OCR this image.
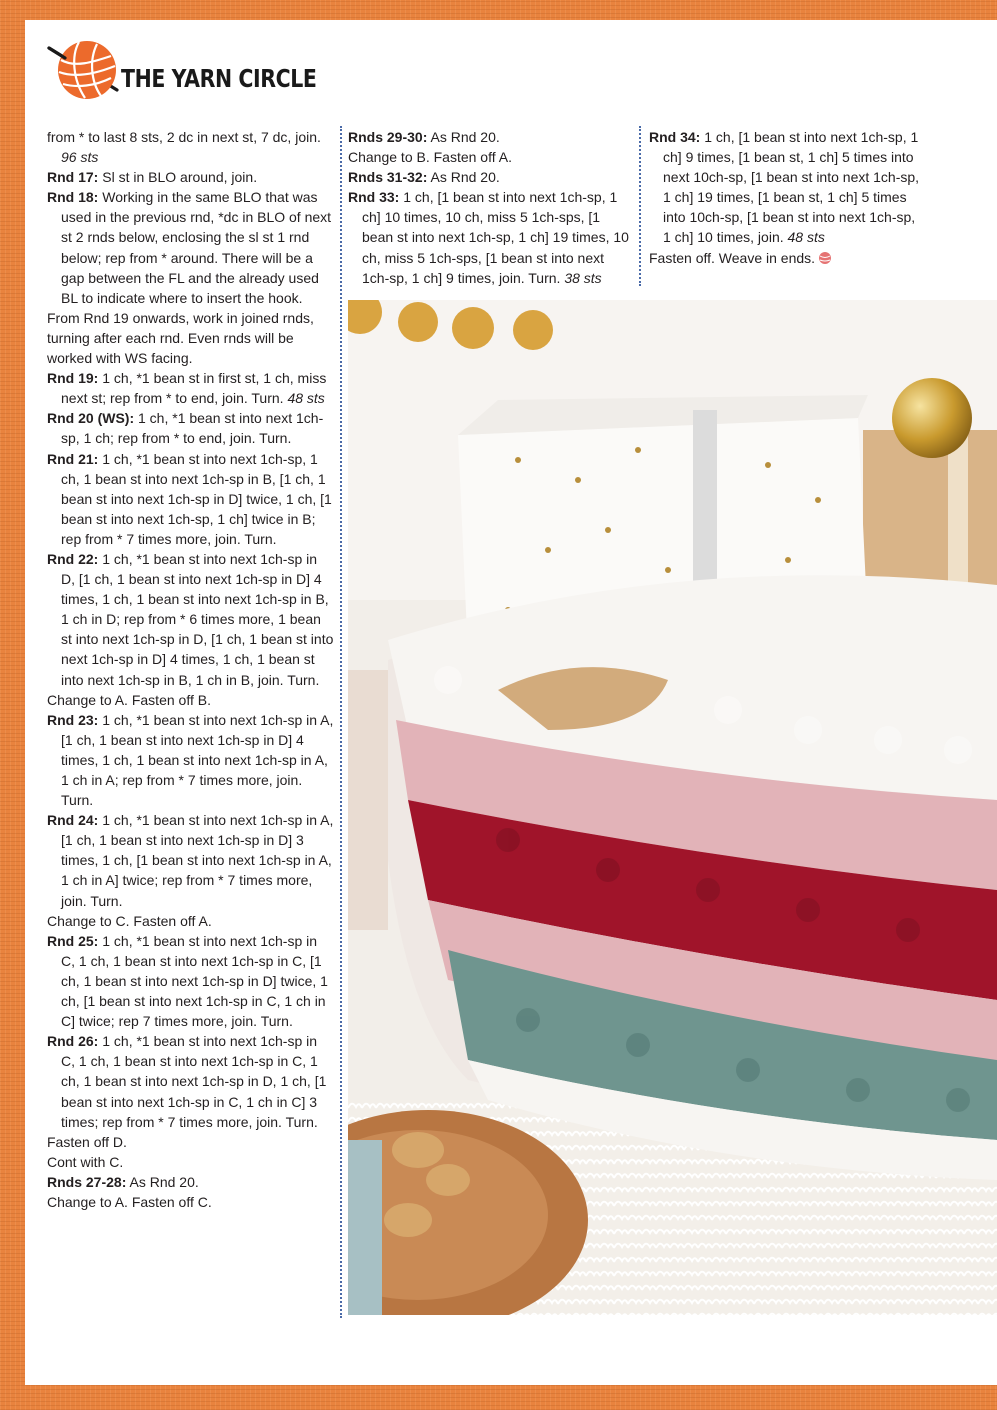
THE YARN CIRCLE

from * to last 8 sts, 2 dc in next st, 7 dc, join. 96 sts

Rnd 17: Sl st in BLO around, join.

Rnd 18: Working in the same BLO that was used in the previous rnd, *dc in BLO of next st 2 rnds below, enclosing the sl st 1 rnd below; rep from * around. There will be a gap between the FL and the already used BL to indicate where to insert the hook.

From Rnd 19 onwards, work in joined rnds, turning after each rnd. Even rnds will be worked with WS facing.

Rnd 19: 1 ch, *1 bean st in first st, 1 ch, miss next st; rep from * to end, join. Turn. 48 sts

Rnd 20 (WS): 1 ch, *1 bean st into next 1ch-sp, 1 ch; rep from * to end, join. Turn.

Rnd 21: 1 ch, *1 bean st into next 1ch-sp, 1 ch, 1 bean st into next 1ch-sp in B, [1 ch, 1 bean st into next 1ch-sp in D] twice, 1 ch, [1 bean st into next 1ch-sp, 1 ch] twice in B; rep from * 7 times more, join. Turn.

Rnd 22: 1 ch, *1 bean st into next 1ch-sp in D, [1 ch, 1 bean st into next 1ch-sp in D] 4 times, 1 ch, 1 bean st into next 1ch-sp in B, 1 ch in D; rep from * 6 times more, 1 bean st into next 1ch-sp in D, [1 ch, 1 bean st into next 1ch-sp in D] 4 times, 1 ch, 1 bean st into next 1ch-sp in B, 1 ch in B, join. Turn.

Change to A. Fasten off B.

Rnd 23: 1 ch, *1 bean st into next 1ch-sp in A, [1 ch, 1 bean st into next 1ch-sp in D] 4 times, 1 ch, 1 bean st into next 1ch-sp in A, 1 ch in A; rep from * 7 times more, join. Turn.

Rnd 24: 1 ch, *1 bean st into next 1ch-sp in A, [1 ch, 1 bean st into next 1ch-sp in D] 3 times, 1 ch, [1 bean st into next 1ch-sp in A, 1 ch in A] twice; rep from * 7 times more, join. Turn.

Change to C. Fasten off A.

Rnd 25: 1 ch, *1 bean st into next 1ch-sp in C, 1 ch, 1 bean st into next 1ch-sp in C, [1 ch, 1 bean st into next 1ch-sp in D] twice, 1 ch, [1 bean st into next 1ch-sp in C, 1 ch in C] twice; rep 7 times more, join. Turn.

Rnd 26: 1 ch, *1 bean st into next 1ch-sp in C, 1 ch, 1 bean st into next 1ch-sp in C, 1 ch, 1 bean st into next 1ch-sp in D, 1 ch, [1 bean st into next 1ch-sp in C, 1 ch in C] 3 times; rep from * 7 times more, join. Turn.

Fasten off D.

Cont with C.

Rnds 27-28: As Rnd 20.

Change to A. Fasten off C.

Rnds 29-30: As Rnd 20.

Change to B. Fasten off A.

Rnds 31-32: As Rnd 20.

Rnd 33: 1 ch, [1 bean st into next 1ch-sp, 1 ch] 10 times, 10 ch, miss 5 1ch-sps, [1 bean st into next 1ch-sp, 1 ch] 19 times, 10 ch, miss 5 1ch-sps, [1 bean st into next 1ch-sp, 1 ch] 9 times, join. Turn. 38 sts

Rnd 34: 1 ch, [1 bean st into next 1ch-sp, 1 ch] 9 times, [1 bean st, 1 ch] 5 times into next 10ch-sp, [1 bean st into next 1ch-sp, 1 ch] 19 times, [1 bean st, 1 ch] 5 times into 10ch-sp, [1 bean st into next 1ch-sp, 1 ch] 10 times, join. 48 sts

Fasten off. Weave in ends.
